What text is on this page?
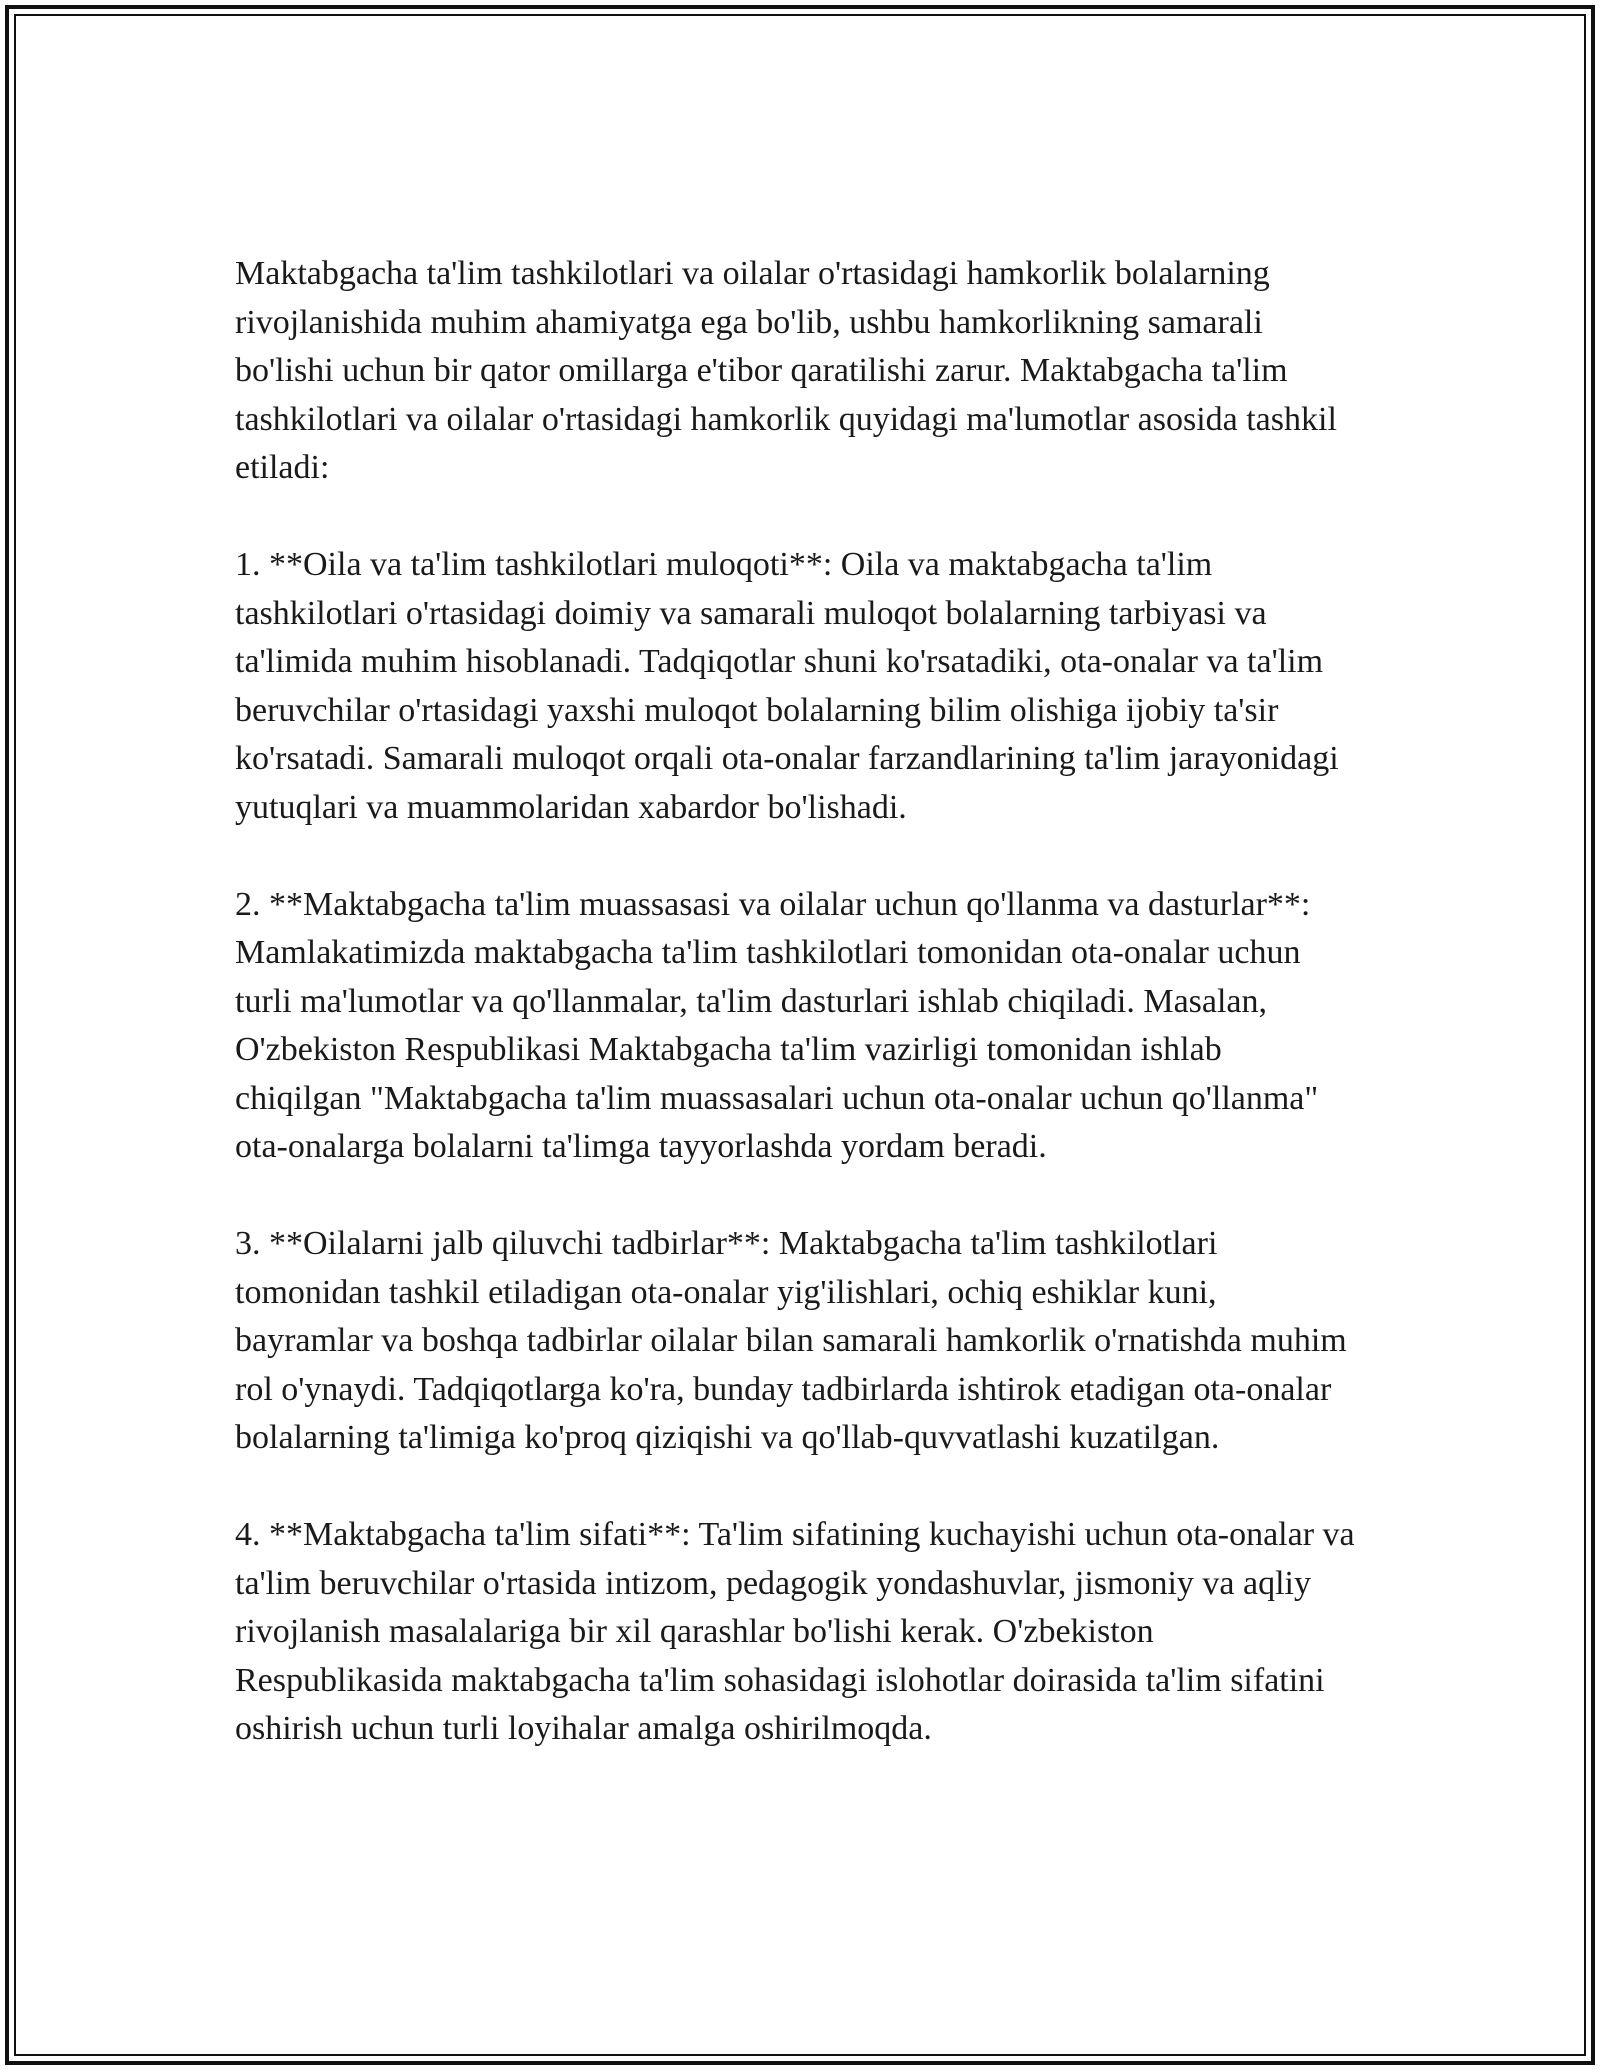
Maktabgacha ta'lim tashkilotlari va oilalar o'rtasidagi hamkorlik bolalarning rivojlanishida muhim ahamiyatga ega bo'lib, ushbu hamkorlikning samarali bo'lishi uchun bir qator omillarga e'tibor qaratilishi zarur. Maktabgacha ta'lim tashkilotlari va oilalar o'rtasidagi hamkorlik quyidagi ma'lumotlar asosida tashkil etiladi:

1. **Oila va ta'lim tashkilotlari muloqoti**: Oila va maktabgacha ta'lim tashkilotlari o'rtasidagi doimiy va samarali muloqot bolalarning tarbiyasi va ta'limida muhim hisoblanadi. Tadqiqotlar shuni ko'rsatadiki, ota-onalar va ta'lim beruvchilar o'rtasidagi yaxshi muloqot bolalarning bilim olishiga ijobiy ta'sir ko'rsatadi. Samarali muloqot orqali ota-onalar farzandlarining ta'lim jarayonidagi yutuqlari va muammolaridan xabardor bo'lishadi.

2. **Maktabgacha ta'lim muassasasi va oilalar uchun qo'llanma va dasturlar**: Mamlakatimizda maktabgacha ta'lim tashkilotlari tomonidan ota-onalar uchun turli ma'lumotlar va qo'llanmalar, ta'lim dasturlari ishlab chiqiladi. Masalan, O'zbekiston Respublikasi Maktabgacha ta'lim vazirligi tomonidan ishlab chiqilgan "Maktabgacha ta'lim muassasalari uchun ota-onalar uchun qo'llanma" ota-onalarga bolalarni ta'limga tayyorlashda yordam beradi.

3. **Oilalarni jalb qiluvchi tadbirlar**: Maktabgacha ta'lim tashkilotlari tomonidan tashkil etiladigan ota-onalar yig'ilishlari, ochiq eshiklar kuni, bayramlar va boshqa tadbirlar oilalar bilan samarali hamkorlik o'rnatishda muhim rol o'ynaydi. Tadqiqotlarga ko'ra, bunday tadbirlarda ishtirok etadigan ota-onalar bolalarning ta'limiga ko'proq qiziqishi va qo'llab-quvvatlashi kuzatilgan.

4. **Maktabgacha ta'lim sifati**: Ta'lim sifatining kuchayishi uchun ota-onalar va ta'lim beruvchilar o'rtasida intizom, pedagogik yondashuvlar, jismoniy va aqliy rivojlanish masalalariga bir xil qarashlar bo'lishi kerak. O'zbekiston Respublikasida maktabgacha ta'lim sohasidagi islohotlar doirasida ta'lim sifatini oshirish uchun turli loyihalar amalga oshirilmoqda.
